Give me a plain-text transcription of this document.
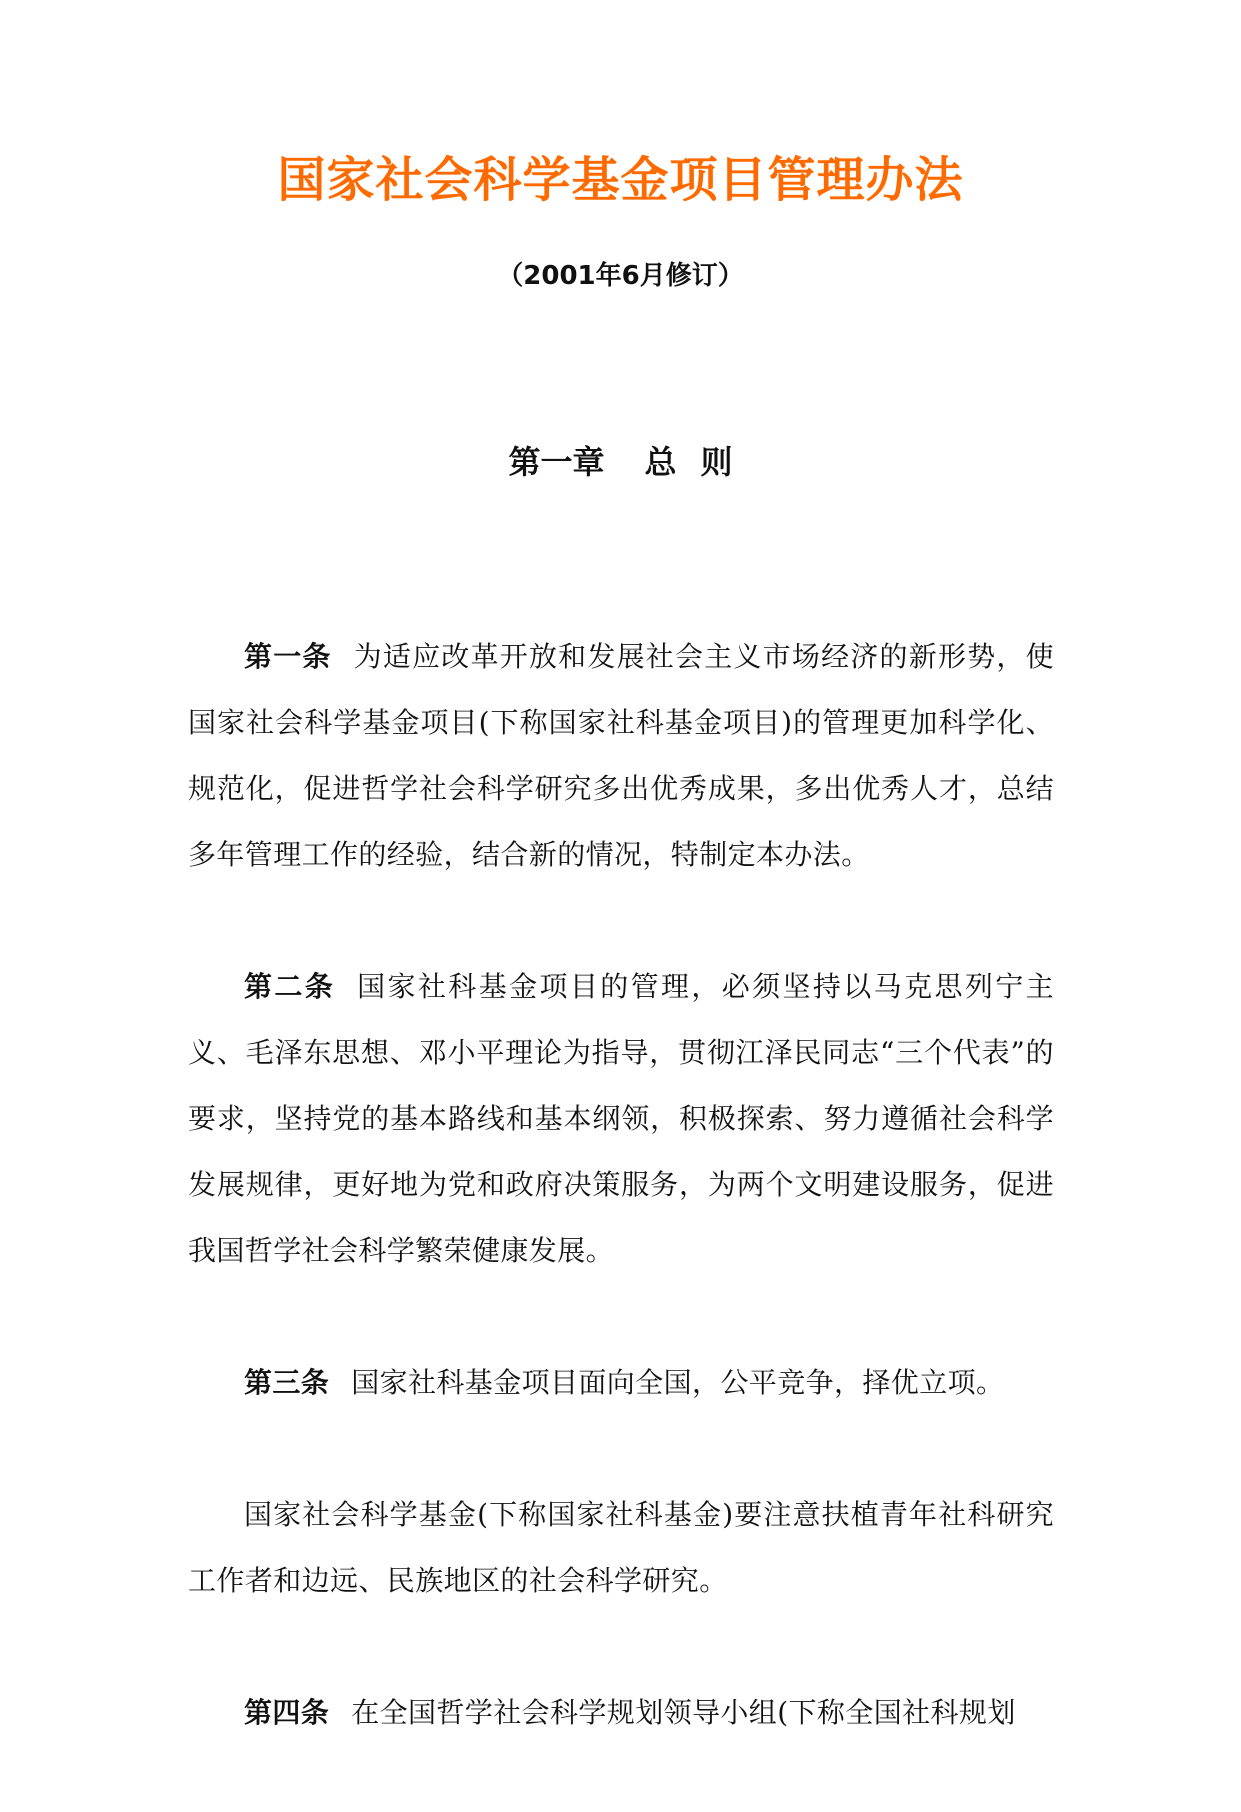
国家社会科学基金项目管理办法
（2001年6月修订）
第一章 总 则

第一条 为适应改革开放和发展社会主义市场经济的新形势，使国家社会科学基金项目(下称国家社科基金项目)的管理更加科学化、规范化，促进哲学社会科学研究多出优秀成果，多出优秀人才，总结多年管理工作的经验，结合新的情况，特制定本办法。

第二条 国家社科基金项目的管理，必须坚持以马克思列宁主义、毛泽东思想、邓小平理论为指导，贯彻江泽民同志“三个代表”的要求，坚持党的基本路线和基本纲领，积极探索、努力遵循社会科学发展规律，更好地为党和政府决策服务，为两个文明建设服务，促进我国哲学社会科学繁荣健康发展。

第三条 国家社科基金项目面向全国，公平竞争，择优立项。

国家社会科学基金(下称国家社科基金)要注意扶植青年社科研究工作者和边远、民族地区的社会科学研究。

第四条 在全国哲学社会科学规划领导小组(下称全国社科规划
